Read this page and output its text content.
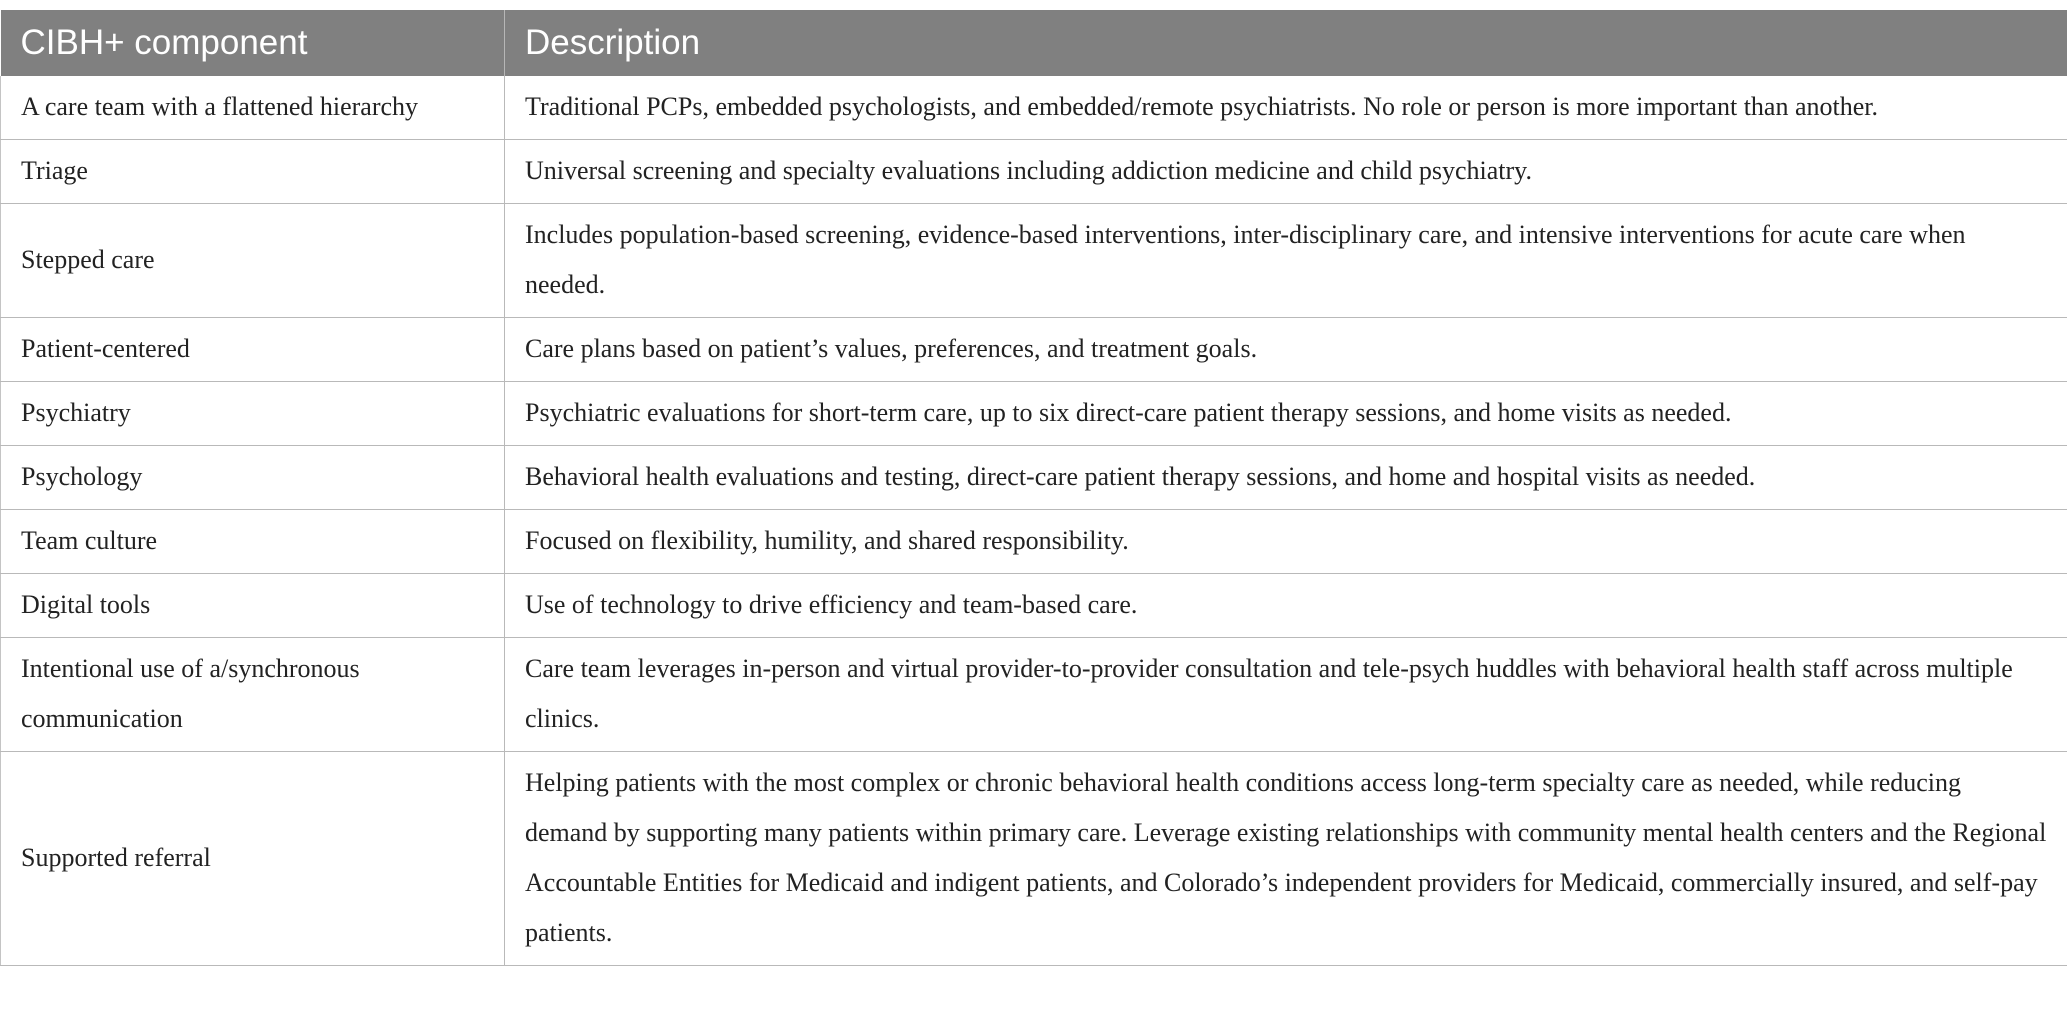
CIBH+ component	Description
A care team with a flattened hierarchy	Traditional PCPs, embedded psychologists, and embedded/remote psychiatrists. No role or person is more important than another.
Triage	Universal screening and specialty evaluations including addiction medicine and child psychiatry.
Stepped care	Includes population-based screening, evidence-based interventions, inter-disciplinary care, and intensive interventions for acute care when needed.
Patient-centered	Care plans based on patient’s values, preferences, and treatment goals.
Psychiatry	Psychiatric evaluations for short-term care, up to six direct-care patient therapy sessions, and home visits as needed.
Psychology	Behavioral health evaluations and testing, direct-care patient therapy sessions, and home and hospital visits as needed.
Team culture	Focused on flexibility, humility, and shared responsibility.
Digital tools	Use of technology to drive efficiency and team-based care.
Intentional use of a/synchronous communication	Care team leverages in-person and virtual provider-to-provider consultation and tele-psych huddles with behavioral health staff across multiple clinics.
Supported referral	Helping patients with the most complex or chronic behavioral health conditions access long-term specialty care as needed, while reducing demand by supporting many patients within primary care. Leverage existing relationships with community mental health centers and the Regional Accountable Entities for Medicaid and indigent patients, and Colorado’s independent providers for Medicaid, commercially insured, and self-pay patients.
